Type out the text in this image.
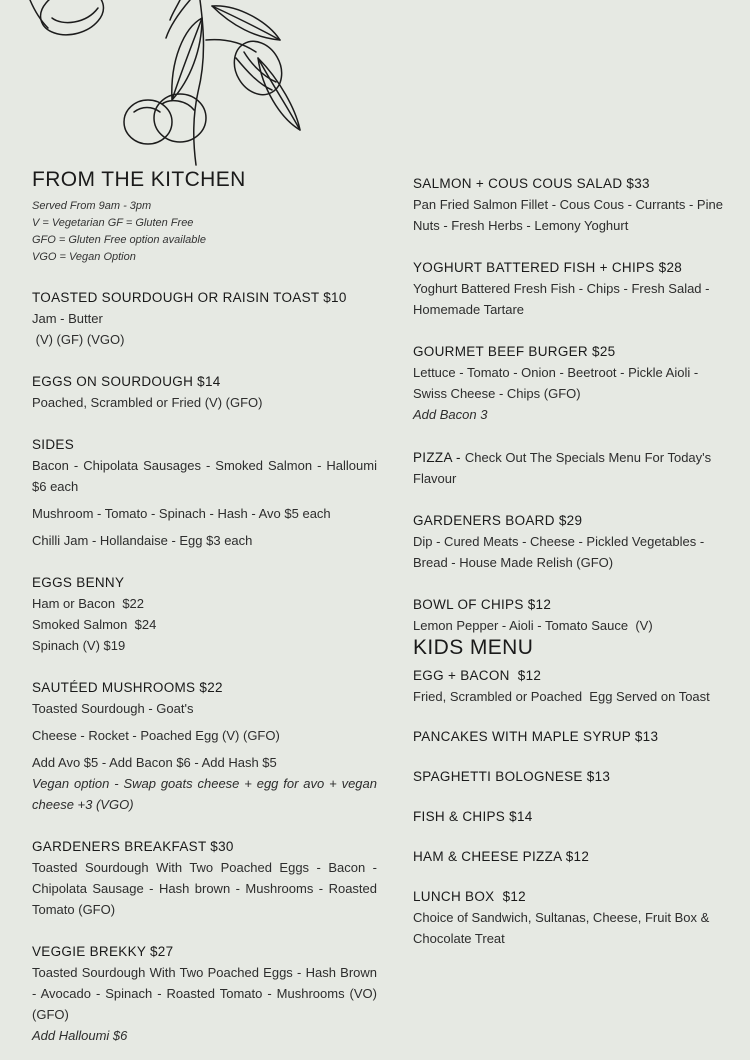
FROM THE KITCHEN
Served From 9am - 3pm
V = Vegetarian GF = Gluten Free
GFO = Gluten Free option available
VGO = Vegan Option
TOASTED SOURDOUGH OR RAISIN TOAST $10
Jam - Butter
(V) (GF) (VGO)
EGGS ON SOURDOUGH $14
Poached, Scrambled or Fried (V) (GFO)
SIDES
Bacon - Chipolata Sausages - Smoked Salmon - Halloumi $6 each
Mushroom - Tomato - Spinach - Hash - Avo $5 each
Chilli Jam - Hollandaise - Egg $3 each
EGGS BENNY
Ham or Bacon  $22
Smoked Salmon  $24
Spinach (V) $19
SAUTÉED MUSHROOMS $22
Toasted Sourdough - Goat's
Cheese - Rocket - Poached Egg (V) (GFO)
Add Avo $5 - Add Bacon $6 - Add Hash $5
Vegan option - Swap goats cheese + egg for avo + vegan cheese +3 (VGO)
GARDENERS BREAKFAST $30
Toasted Sourdough With Two Poached Eggs - Bacon - Chipolata Sausage - Hash brown - Mushrooms - Roasted Tomato (GFO)
VEGGIE BREKKY $27
Toasted Sourdough With Two Poached Eggs - Hash Brown - Avocado - Spinach - Roasted Tomato - Mushrooms (VO) (GFO)
Add Halloumi $6
SALMON + COUS COUS SALAD $33
Pan Fried Salmon Fillet - Cous Cous - Currants - Pine Nuts - Fresh Herbs - Lemony Yoghurt
YOGHURT BATTERED FISH + CHIPS $28
Yoghurt Battered Fresh Fish - Chips - Fresh Salad - Homemade Tartare
GOURMET BEEF BURGER $25
Lettuce - Tomato - Onion - Beetroot - Pickle Aioli - Swiss Cheese - Chips (GFO)
Add Bacon 3
PIZZA - Check Out The Specials Menu For Today's Flavour
GARDENERS BOARD $29
Dip - Cured Meats - Cheese - Pickled Vegetables - Bread - House Made Relish (GFO)
BOWL OF CHIPS $12
Lemon Pepper - Aioli - Tomato Sauce  (V)
KIDS MENU
EGG + BACON  $12
Fried, Scrambled or Poached  Egg Served on Toast
PANCAKES WITH MAPLE SYRUP $13
SPAGHETTI BOLOGNESE $13
FISH & CHIPS $14
HAM & CHEESE PIZZA $12
LUNCH BOX  $12
Choice of Sandwich, Sultanas, Cheese, Fruit Box & Chocolate Treat
